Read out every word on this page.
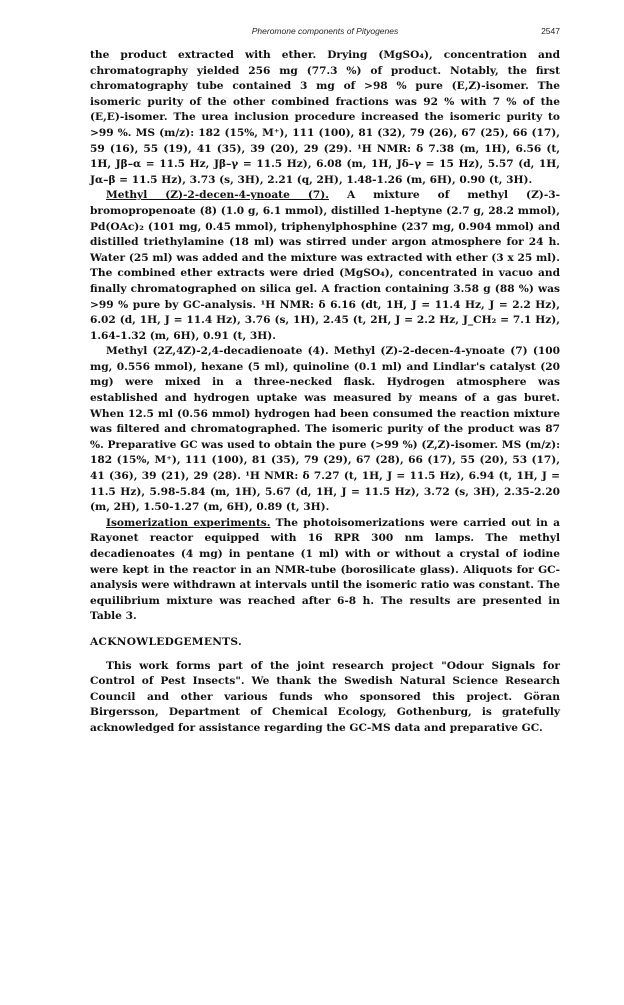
Pheromone components of Pityogenes	2547

the product extracted with ether. Drying (MgSO₄), concentration and chromatography yielded 256 mg (77.3 %) of product. Notably, the first chromatography tube contained 3 mg of >98 % pure (E,Z)-isomer. The isomeric purity of the other combined fractions was 92 % with 7 % of the (E,E)-isomer. The urea inclusion procedure increased the isomeric purity to >99 %. MS (m/z): 182 (15%, M⁺), 111 (100), 81 (32), 79 (26), 67 (25), 66 (17), 59 (16), 55 (19), 41 (35), 39 (20), 29 (29). ¹H NMR: δ 7.38 (m, 1H), 6.56 (t, 1H, Jβ–α = 11.5 Hz, Jβ–γ = 11.5 Hz), 6.08 (m, 1H, Jδ–γ = 15 Hz), 5.57 (d, 1H, Jα–β = 11.5 Hz), 3.73 (s, 3H), 2.21 (q, 2H), 1.48-1.26 (m, 6H), 0.90 (t, 3H).

Methyl (Z)-2-decen-4-ynoate (7). A mixture of methyl (Z)-3-bromopropenoate (8) (1.0 g, 6.1 mmol), distilled 1-heptyne (2.7 g, 28.2 mmol), Pd(OAc)₂ (101 mg, 0.45 mmol), triphenylphosphine (237 mg, 0.904 mmol) and distilled triethylamine (18 ml) was stirred under argon atmosphere for 24 h. Water (25 ml) was added and the mixture was extracted with ether (3 x 25 ml). The combined ether extracts were dried (MgSO₄), concentrated in vacuo and finally chromatographed on silica gel. A fraction containing 3.58 g (88 %) was >99 % pure by GC-analysis. ¹H NMR: δ 6.16 (dt, 1H, J = 11.4 Hz, J = 2.2 Hz), 6.02 (d, 1H, J = 11.4 Hz), 3.76 (s, 1H), 2.45 (t, 2H, J = 2.2 Hz, J_CH₂ = 7.1 Hz), 1.64-1.32 (m, 6H), 0.91 (t, 3H).

Methyl (2Z,4Z)-2,4-decadienoate (4). Methyl (Z)-2-decen-4-ynoate (7) (100 mg, 0.556 mmol), hexane (5 ml), quinoline (0.1 ml) and Lindlar's catalyst (20 mg) were mixed in a three-necked flask. Hydrogen atmosphere was established and hydrogen uptake was measured by means of a gas buret. When 12.5 ml (0.56 mmol) hydrogen had been consumed the reaction mixture was filtered and chromatographed. The isomeric purity of the product was 87 %. Preparative GC was used to obtain the pure (>99 %) (Z,Z)-isomer. MS (m/z): 182 (15%, M⁺), 111 (100), 81 (35), 79 (29), 67 (28), 66 (17), 55 (20), 53 (17), 41 (36), 39 (21), 29 (28). ¹H NMR: δ 7.27 (t, 1H, J = 11.5 Hz), 6.94 (t, 1H, J = 11.5 Hz), 5.98-5.84 (m, 1H), 5.67 (d, 1H, J = 11.5 Hz), 3.72 (s, 3H), 2.35-2.20 (m, 2H), 1.50-1.27 (m, 6H), 0.89 (t, 3H).

Isomerization experiments. The photoisomerizations were carried out in a Rayonet reactor equipped with 16 RPR 300 nm lamps. The methyl decadienoates (4 mg) in pentane (1 ml) with or without a crystal of iodine were kept in the reactor in an NMR-tube (borosilicate glass). Aliquots for GC-analysis were withdrawn at intervals until the isomeric ratio was constant. The equilibrium mixture was reached after 6-8 h. The results are presented in Table 3.

ACKNOWLEDGEMENTS.

This work forms part of the joint research project "Odour Signals for Control of Pest Insects". We thank the Swedish Natural Science Research Council and other various funds who sponsored this project. Göran Birgersson, Department of Chemical Ecology, Gothenburg, is gratefully acknowledged for assistance regarding the GC-MS data and preparative GC.
